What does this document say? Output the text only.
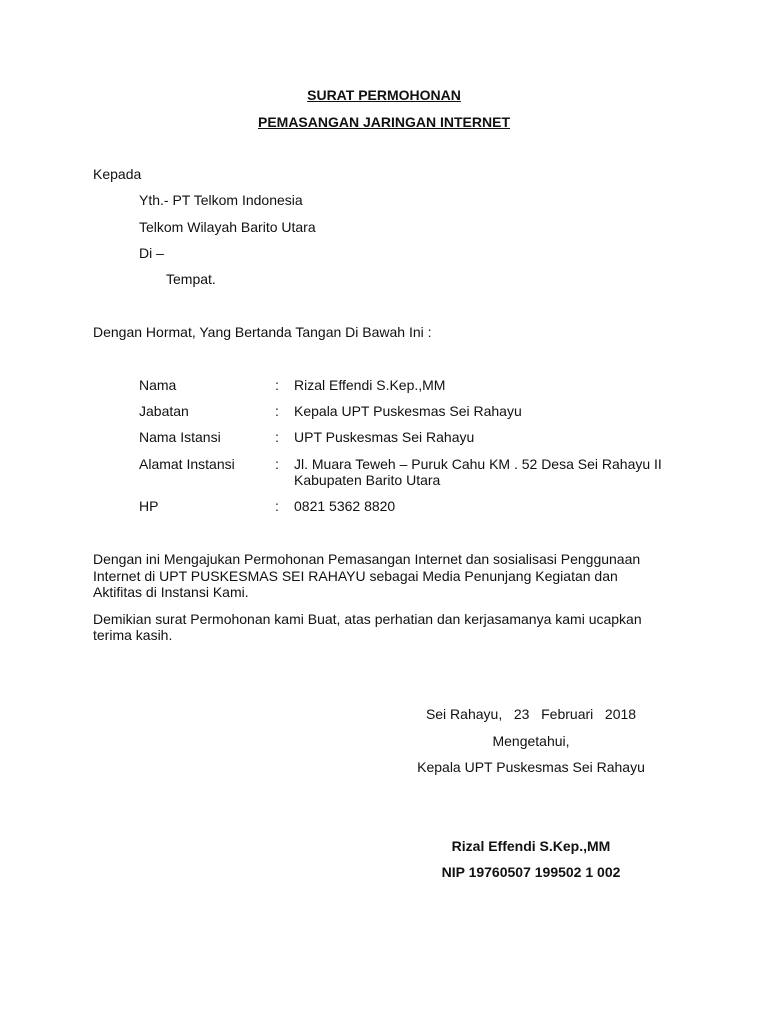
SURAT PERMOHONAN
PEMASANGAN JARINGAN INTERNET
Kepada
Yth.- PT Telkom Indonesia
Telkom Wilayah Barito Utara
Di –
Tempat.
Dengan Hormat, Yang Bertanda Tangan Di Bawah Ini :
Nama	: Rizal Effendi S.Kep.,MM
Jabatan	: Kepala UPT Puskesmas Sei Rahayu
Nama Istansi	: UPT Puskesmas Sei Rahayu
Alamat Instansi	: Jl. Muara Teweh – Puruk Cahu KM . 52 Desa Sei Rahayu II
Kabupaten Barito Utara
HP	: 0821 5362 8820
Dengan ini Mengajukan Permohonan Pemasangan Internet dan sosialisasi Penggunaan
Internet di UPT PUSKESMAS SEI RAHAYU sebagai Media Penunjang Kegiatan dan
Aktifitas di Instansi Kami.
Demikian surat Permohonan kami Buat, atas perhatian dan kerjasamanya kami ucapkan
terima kasih.
Sei Rahayu,   23   Februari   2018
Mengetahui,
Kepala UPT Puskesmas Sei Rahayu
Rizal Effendi S.Kep.,MM
NIP 19760507 199502 1 002
